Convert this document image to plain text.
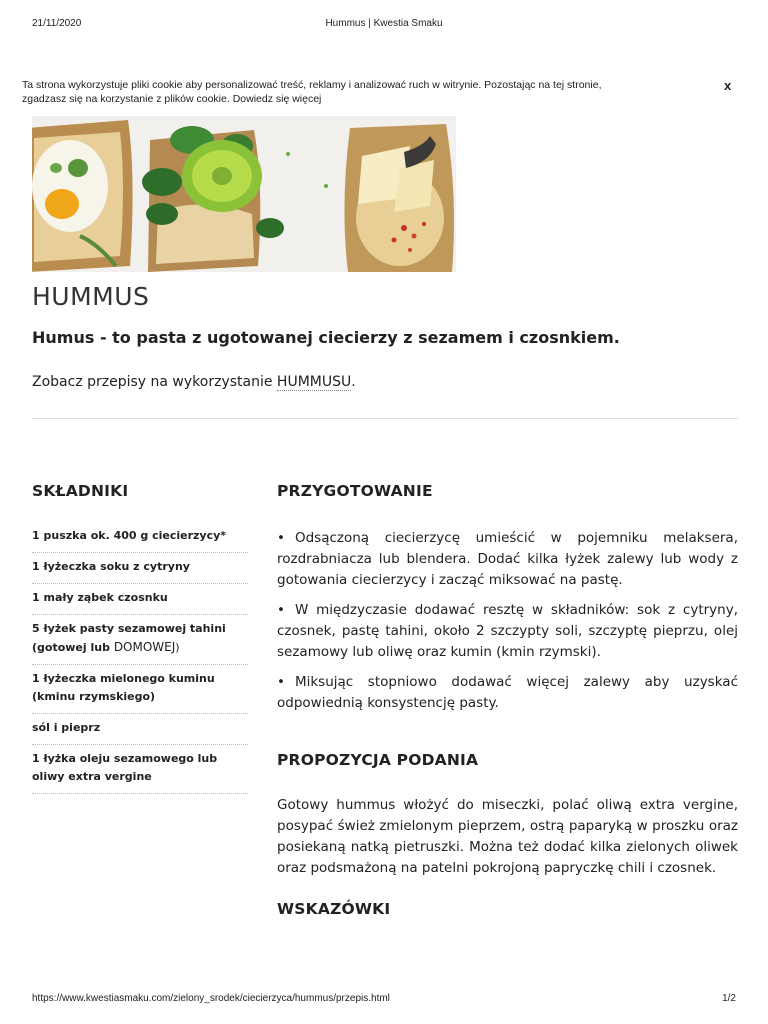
21/11/2020	Hummus | Kwestia Smaku
Ta strona wykorzystuje pliki cookie aby personalizować treść, reklamy i analizować ruch w witrynie. Pozostając na tej stronie, zgadzasz się na korzystanie z plików cookie. Dowiedz się więcej
x
HUMMUS

Humus - to pasta z ugotowanej ciecierzy z sezamem i czosnkiem.

Zobacz przepisy na wykorzystanie HUMMUSU.
SKŁADNIKI
1 puszka ok. 400 g ciecierzycy*
1 łyżeczka soku z cytryny
1 mały ząbek czosnku
5 łyżek pasty sezamowej tahini (gotowej lub DOMOWEJ)
1 łyżeczka mielonego kuminu (kminu rzymskiego)
sól i pieprz
1 łyżka oleju sezamowego lub oliwy extra vergine
PRZYGOTOWANIE
• Odsączoną ciecierzycę umieścić w pojemniku melaksera, rozdrabniacza lub blendera. Dodać kilka łyżek zalewy lub wody z gotowania ciecierzycy i zacząć miksować na pastę.
• W międzyczasie dodawać resztę w składników: sok z cytryny, czosnek, pastę tahini, około 2 szczypty soli, szczyptę pieprzu, olej sezamowy lub oliwę oraz kumin (kmin rzymski).
• Miksując stopniowo dodawać więcej zalewy aby uzyskać odpowiednią konsystencję pasty.
PROPOZYCJA PODANIA

Gotowy hummus włożyć do miseczki, polać oliwą extra vergine, posypać śwież zmielonym pieprzem, ostrą paparyką w proszku oraz posiekaną natką pietruszki. Można też dodać kilka zielonych oliwek oraz podsmażoną na patelni pokrojoną papryczkę chili i czosnek.

WSKAZÓWKI
https://www.kwestiasmaku.com/zielony_srodek/ciecierzyca/hummus/przepis.html	1/2
